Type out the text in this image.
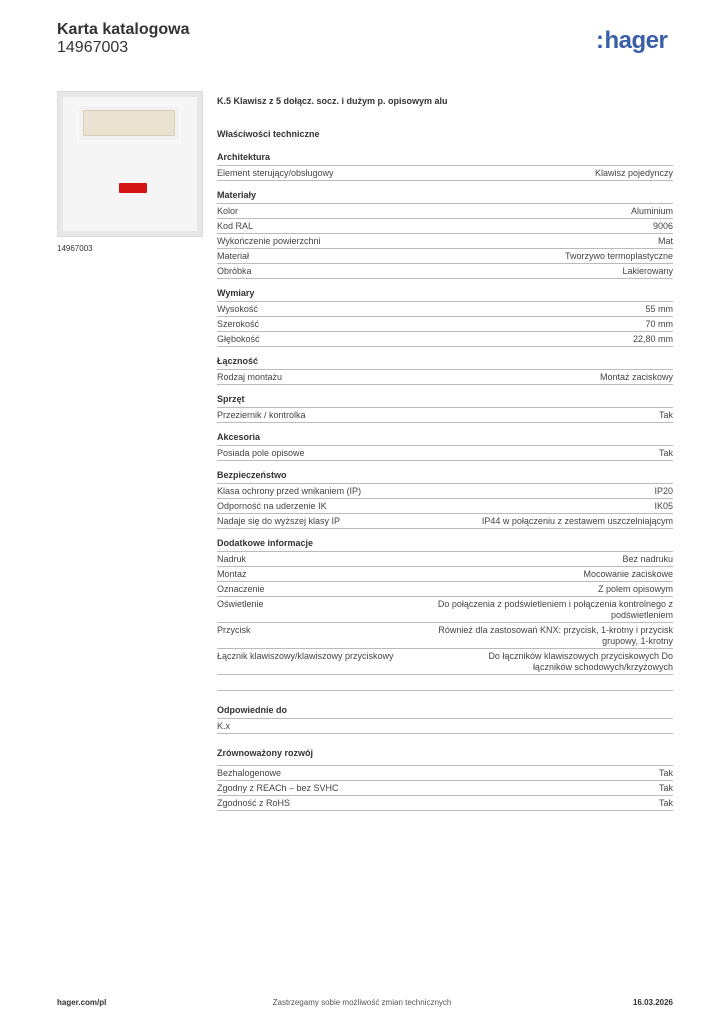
Karta katalogowa
14967003	:hager
14967003
K.5 Klawisz z 5 dołącz. socz. i dużym p. opisowym alu
Właściwości techniczne
Architektura
Element sterujący/obsługowy	Klawisz pojedynczy
Materiały
Kolor	Aluminium
Kod RAL	9006
Wykończenie powierzchni	Mat
Materiał	Tworzywo termoplastyczne
Obróbka	Lakierowany
Wymiary
Wysokość	55 mm
Szerokość	70 mm
Głębokość	22,80 mm
Łączność
Rodzaj montażu	Montaż zaciskowy
Sprzęt
Przeziernik / kontrolka	Tak
Akcesoria
Posiada pole opisowe	Tak
Bezpieczeństwo
Klasa ochrony przed wnikaniem (IP)	IP20
Odporność na uderzenie IK	IK05
Nadaje się do wyższej klasy IP	IP44 w połączeniu z zestawem uszczelniającym
Dodatkowe informacje
Nadruk	Bez nadruku
Montaż	Mocowanie zaciskowe
Oznaczenie	Z polem opisowym
Oświetlenie	Do połączenia z podświetleniem i połączenia kontrolnego z podświetleniem
Przycisk	Również dla zastosowań KNX: przycisk, 1-krotny i przycisk grupowy, 1-krotny
Łącznik klawiszowy/klawiszowy przyciskowy	Do łączników klawiszowych przyciskowych Do łączników schodowych/krzyżowych
Odpowiednie do
K.x
Zrównoważony rozwój
Bezhalogenowe	Tak
Zgodny z REACh – bez SVHC	Tak
Zgodność z RoHS	Tak
hager.com/pl	Zastrzegamy sobie możliwość zmian technicznych	16.03.2026
